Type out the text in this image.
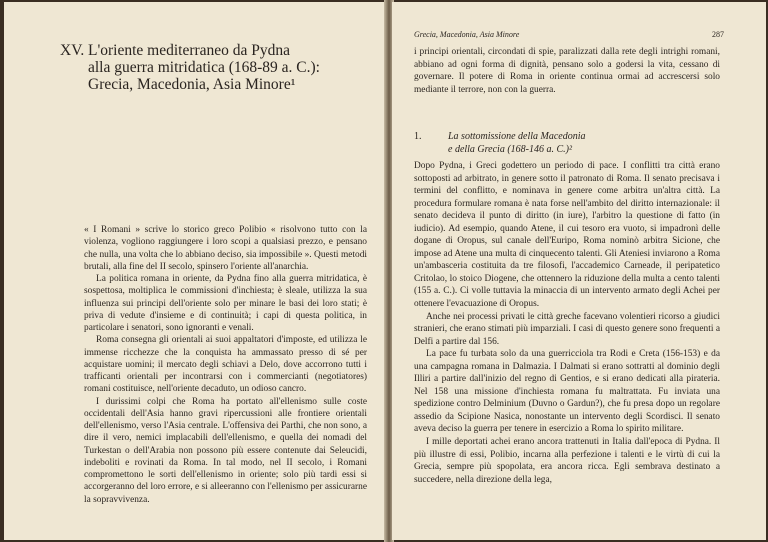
XV. L'oriente mediterraneo da Pydna
alla guerra mitridatica (168-89 a. C.):
Grecia, Macedonia, Asia Minore¹

« I Romani » scrive lo storico greco Polibio « risolvono tutto con la violenza, vogliono raggiungere i loro scopi a qualsiasi prezzo, e pensano che nulla, una volta che lo abbiano deciso, sia impossibile ». Questi metodi brutali, alla fine del II secolo, spinsero l'oriente all'anarchia.

La politica romana in oriente, da Pydna fino alla guerra mitridatica, è sospettosa, moltiplica le commissioni d'inchiesta; è sleale, utilizza la sua influenza sui principi dell'oriente solo per minare le basi dei loro stati; è priva di vedute d'insieme e di continuità; i capi di questa politica, in particolare i senatori, sono ignoranti e venali.

Roma consegna gli orientali ai suoi appaltatori d'imposte, ed utilizza le immense ricchezze che la conquista ha ammassato presso di sé per acquistare uomini; il mercato degli schiavi a Delo, dove accorrono tutti i trafficanti orientali per incontrarsi con i commercianti (negotiatores) romani costituisce, nell'oriente decaduto, un odioso cancro.

I durissimi colpi che Roma ha portato all'ellenismo sulle coste occidentali dell'Asia hanno gravi ripercussioni alle frontiere orientali dell'ellenismo, verso l'Asia centrale. L'offensiva dei Parthi, che non sono, a dire il vero, nemici implacabili dell'ellenismo, e quella dei nomadi del Turkestan o dell'Arabia non possono più essere contenute dai Seleucidi, indeboliti e rovinati da Roma. In tal modo, nel II secolo, i Romani compromettono le sorti dell'ellenismo in oriente; solo più tardi essi si accorgeranno del loro errore, e si alleeranno con l'ellenismo per assicurarne la sopravvivenza.

Grecia, Macedonia, Asia Minore	287

i principi orientali, circondati di spie, paralizzati dalla rete degli intrighi romani, abbiano ad ogni forma di dignità, pensano solo a godersi la vita, cessano di governare. Il potere di Roma in oriente continua ormai ad accrescersi solo mediante il terrore, non con la guerra.

1.	La sottomissione della Macedonia
e della Grecia (168-146 a. C.)²

Dopo Pydna, i Greci godettero un periodo di pace. I conflitti tra città erano sottoposti ad arbitrato, in genere sotto il patronato di Roma. Il senato precisava i termini del conflitto, e nominava in genere come arbitra un'altra città. La procedura formulare romana è nata forse nell'ambito del diritto internazionale: il senato decideva il punto di diritto (in iure), l'arbitro la questione di fatto (in iudicio). Ad esempio, quando Atene, il cui tesoro era vuoto, si impadronì delle dogane di Oropus, sul canale dell'Euripo, Roma nominò arbitra Sicione, che impose ad Atene una multa di cinquecento talenti. Gli Ateniesi inviarono a Roma un'ambasceria costituita da tre filosofi, l'accademico Carneade, il peripatetico Critolao, lo stoico Diogene, che ottennero la riduzione della multa a cento talenti (155 a. C.). Ci volle tuttavia la minaccia di un intervento armato degli Achei per ottenere l'evacuazione di Oropus.

Anche nei processi privati le città greche facevano volentieri ricorso a giudici stranieri, che erano stimati più imparziali. I casi di questo genere sono frequenti a Delfi a partire dal 156.

La pace fu turbata solo da una guerricciola tra Rodi e Creta (156-153) e da una campagna romana in Dalmazia. I Dalmati si erano sottratti al dominio degli Illiri a partire dall'inizio del regno di Gentios, e si erano dedicati alla pirateria. Nel 158 una missione d'inchiesta romana fu maltrattata. Fu inviata una spedizione contro Delminium (Duvno o Gardun?), che fu presa dopo un regolare assedio da Scipione Nasica, nonostante un intervento degli Scordisci. Il senato aveva deciso la guerra per tenere in esercizio a Roma lo spirito militare.

I mille deportati achei erano ancora trattenuti in Italia dall'epoca di Pydna. Il più illustre di essi, Polibio, incarna alla perfezione i talenti e le virtù di cui la Grecia, sempre più spopolata, era ancora ricca. Egli sembrava destinato a succedere, nella direzione della lega,
